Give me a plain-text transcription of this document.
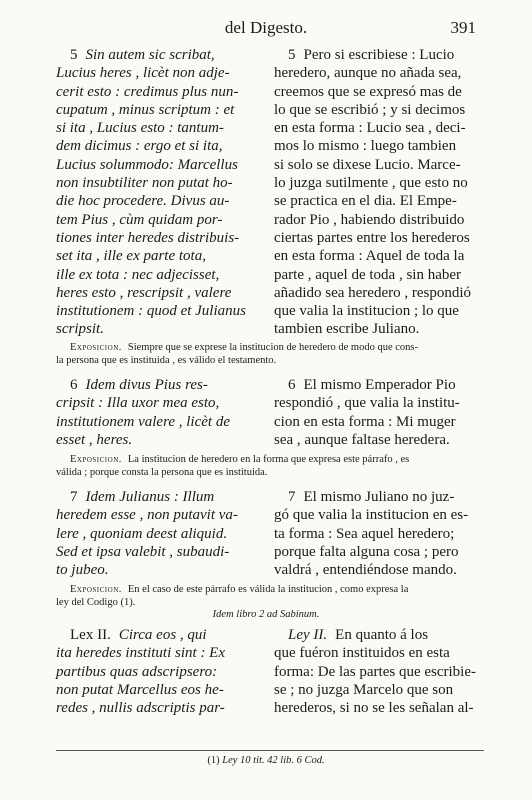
del Digesto.	391
5 Sin autem sic scribat,
Lucius heres , licèt non adje-
cerit esto : credimus plus nun-
cupatum , minus scriptum : et
si ita , Lucius esto : tantum-
dem dicimus : ergo et si ita,
Lucius solummodo: Marcellus
non insubtiliter non putat ho-
die hoc procedere. Divus au-
tem Pius , cùm quidam por-
tiones inter heredes distribuis-
set ita , ille ex parte tota,
ille ex tota : nec adjecisset,
heres esto , rescripsit , valere
institutionem : quod et Julianus
scripsit.
5 Pero si escribiese : Lucio
heredero, aunque no añada sea,
creemos que se expresó mas de
lo que se escribió ; y si decimos
en esta forma : Lucio sea , deci-
mos lo mismo : luego tambien
si solo se dixese Lucio. Marce-
lo juzga sutilmente , que esto no
se practica en el dia. El Empe-
rador Pio , habiendo distribuido
ciertas partes entre los herederos
en esta forma : Aquel de toda la
parte , aquel de toda , sin haber
añadido sea heredero , respondió
que valia la institucion ; lo que
tambien escribe Juliano.
Exposicion. Siempre que se exprese la institucion de heredero de modo que cons-
la persona que es instituida , es válido el testamento.
6 Idem divus Pius res-
cripsit : Illa uxor mea esto,
institutionem valere , licèt de
esset , heres.
6 El mismo Emperador Pio
respondió , que valia la institu-
cion en esta forma : Mi muger
sea , aunque faltase heredera.
Exposicion. La institucion de heredero en la forma que expresa este párrafo , es
válida ; porque consta la persona que es instituida.
7 Idem Julianus : Illum
heredem esse , non putavit va-
lere , quoniam deest aliquid.
Sed et ipsa valebit , subaudi-
to jubeo.
7 El mismo Juliano no juz-
gó que valia la institucion en es-
ta forma : Sea aquel heredero;
porque falta alguna cosa ; pero
valdrá , entendiéndose mando.
Exposicion. En el caso de este párrafo es válida la institucion , como expresa la
ley del Codigo (1).
Idem libro 2 ad Sabinum.
Lex II. Circa eos , qui
ita heredes instituti sint : Ex
partibus quas adscripsero:
non putat Marcellus eos he-
redes , nullis adscriptis par-
Ley II. En quanto á los
que fuéron instituidos en esta
forma: De las partes que escribie-
se ; no juzga Marcelo que son
herederos, si no se les señalan al-
(1) Ley 10 tit. 42 lib. 6 Cod.
